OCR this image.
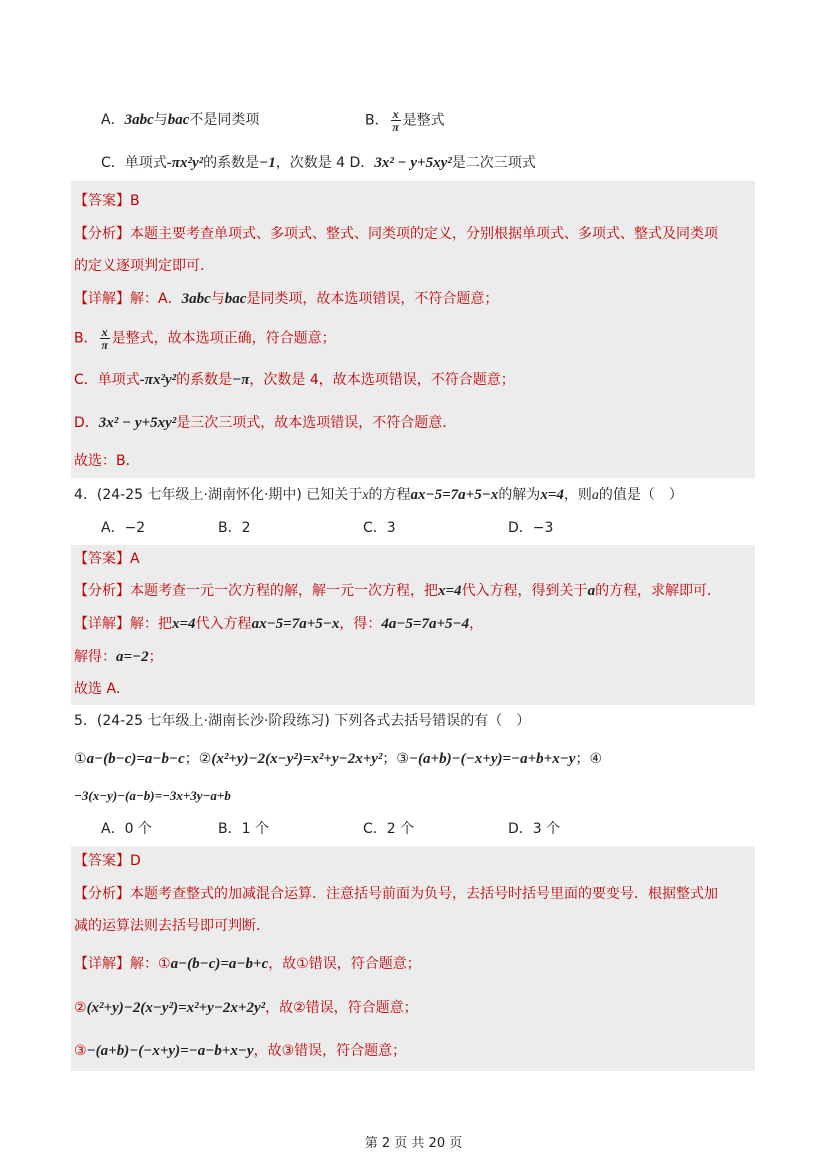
A．3abc与bac不是同类项	B． $\frac{x}{\pi}$ 是整式
C．单项式-πx²y²的系数是−1，次数是 4 D．3x² − y+5xy²是二次三项式
【答案】B
【分析】本题主要考查单项式、多项式、整式、同类项的定义，分别根据单项式、多项式、整式及同类项
的定义逐项判定即可．
【详解】解：A．3abc与bac是同类项，故本选项错误，不符合题意；
B． $\frac{x}{\pi}$ 是整式，故本选项正确，符合题意；
C．单项式-πx²y²的系数是−π，次数是 4，故本选项错误，不符合题意；
D．3x² − y+5xy²是三次三项式，故本选项错误，不符合题意．
故选：B．
4．(24-25 七年级上·湖南怀化·期中) 已知关于x的方程ax−5=7a+5−x的解为x=4，则a的值是（　）
A．−2	B．2	C．3	D．−3
【答案】A
【分析】本题考查一元一次方程的解，解一元一次方程，把x=4代入方程，得到关于a的方程，求解即可．
【详解】解：把x=4代入方程ax−5=7a+5−x，得：4a−5=7a+5−4，
解得：a=−2；
故选 A．
5．(24-25 七年级上·湖南长沙·阶段练习) 下列各式去括号错误的有（　）
①a−(b−c)=a−b−c；②(x²+y)−2(x−y²)=x²+y−2x+y²；③−(a+b)−(−x+y)=−a+b+x−y；④
−3(x−y)−(a−b)=−3x+3y−a+b
A．0 个	B．1 个	C．2 个	D．3 个
【答案】D
【分析】本题考查整式的加减混合运算．注意括号前面为负号，去括号时括号里面的要变号．根据整式加
减的运算法则去括号即可判断．
【详解】解：①a−(b−c)=a−b+c，故①错误，符合题意；
②(x²+y)−2(x−y²)=x²+y−2x+2y²，故②错误，符合题意；
③−(a+b)−(−x+y)=−a−b+x−y，故③错误，符合题意；
第 2 页 共 20 页
